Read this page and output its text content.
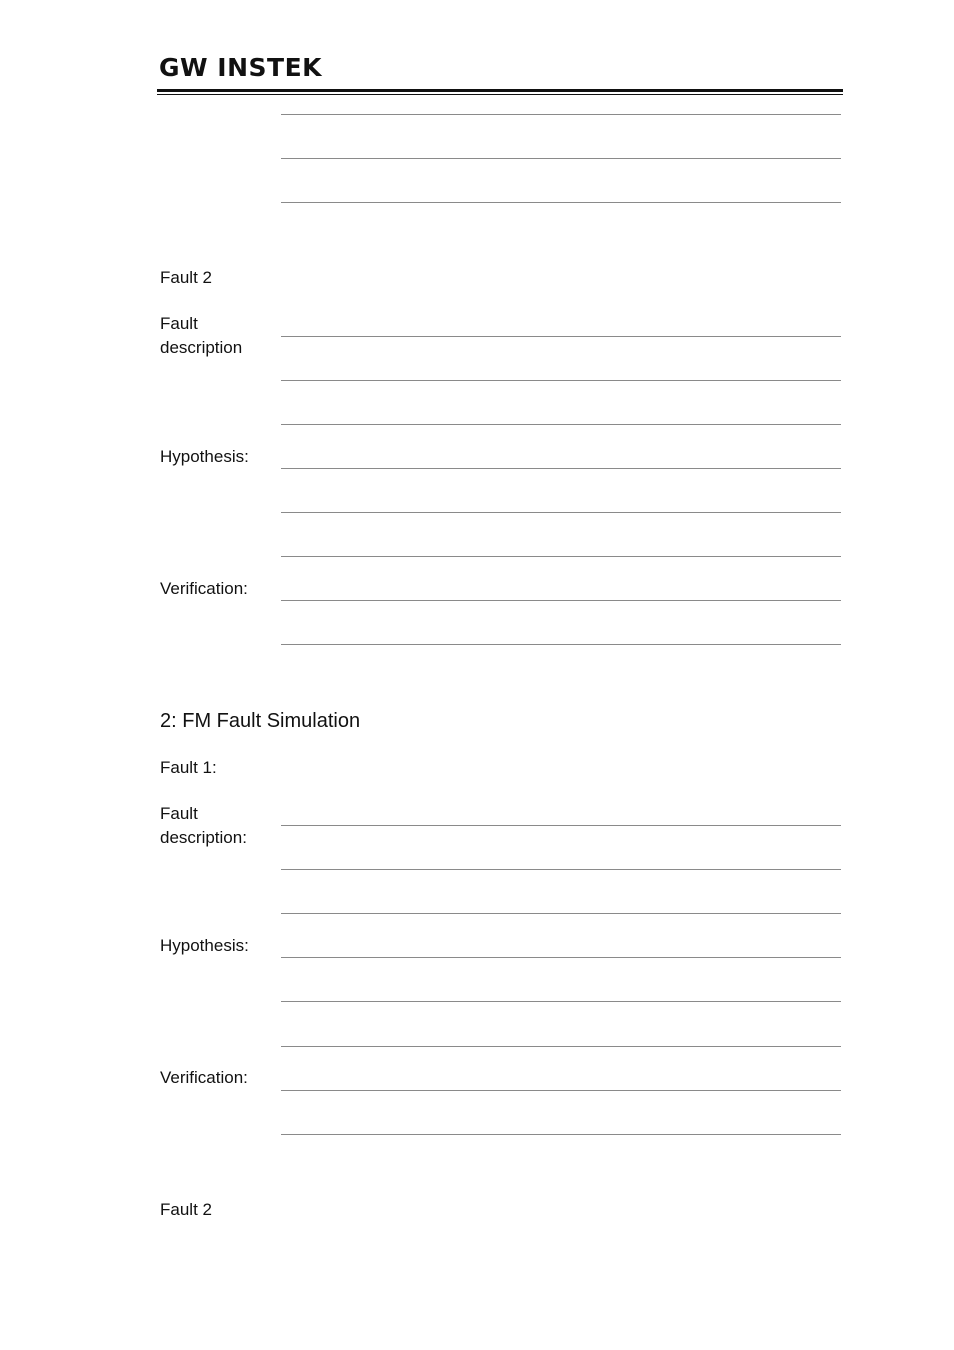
GW INSTEK
Fault 2
Fault
description
Hypothesis:
Verification:
2: FM Fault Simulation
Fault 1:
Fault
description:
Hypothesis:
Verification:
Fault 2
